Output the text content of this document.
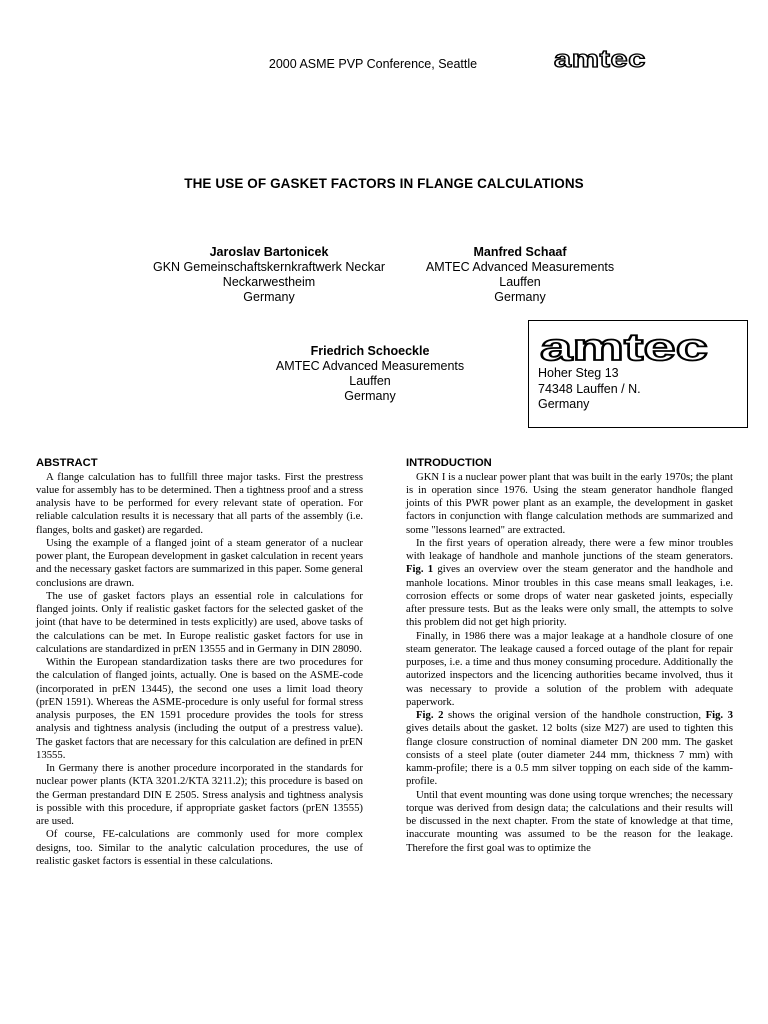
2000 ASME PVP Conference, Seattle	amtec
THE USE OF GASKET FACTORS IN FLANGE CALCULATIONS
Jaroslav Bartonicek
GKN Gemeinschaftskernkraftwerk Neckar
Neckarwestheim
Germany
Manfred Schaaf
AMTEC Advanced Measurements
Lauffen
Germany
Friedrich Schoeckle
AMTEC Advanced Measurements
Lauffen
Germany
amtec
Hoher Steg 13
74348 Lauffen / N.
Germany
ABSTRACT

A flange calculation has to fullfill three major tasks. First the prestress value for assembly has to be determined. Then a tightness proof and a stress analysis have to be performed for every relevant state of operation. For reliable calculation results it is necessary that all parts of the assembly (i.e. flanges, bolts and gasket) are regarded.

Using the example of a flanged joint of a steam generator of a nuclear power plant, the European development in gasket calculation in recent years and the necessary gasket factors are summarized in this paper. Some general conclusions are drawn.

The use of gasket factors plays an essential role in calculations for flanged joints. Only if realistic gasket factors for the selected gasket of the joint (that have to be determined in tests explicitly) are used, above tasks of the calculations can be met. In Europe realistic gasket factors for use in calculations are standardized in prEN 13555 and in Germany in DIN 28090.

Within the European standardization tasks there are two procedures for the calculation of flanged joints, actually. One is based on the ASME-code (incorporated in prEN 13445), the second one uses a limit load theory (prEN 1591). Whereas the ASME-procedure is only useful for formal stress analysis purposes, the EN 1591 procedure provides the tools for stress analysis and tightness analysis (including the output of a prestress value). The gasket factors that are necessary for this calculation are defined in prEN 13555.

In Germany there is another procedure incorporated in the standards for nuclear power plants (KTA 3201.2/KTA 3211.2); this procedure is based on the German prestandard DIN E 2505. Stress analysis and tightness analysis is possible with this procedure, if appropriate gasket factors (prEN 13555) are used.

Of course, FE-calculations are commonly used for more complex designs, too. Similar to the analytic calculation procedures, the use of realistic gasket factors is essential in these calculations.

INTRODUCTION

GKN I is a nuclear power plant that was built in the early 1970s; the plant is in operation since 1976. Using the steam generator handhole flanged joints of this PWR power plant as an example, the development in gasket factors in conjunction with flange calculation methods are summarized and some "lessons learned" are extracted.

In the first years of operation already, there were a few minor troubles with leakage of handhole and manhole junctions of the steam generators. Fig. 1 gives an overview over the steam generator and the handhole and manhole locations. Minor troubles in this case means small leakages, i.e. corrosion effects or some drops of water near gasketed joints, especially after pressure tests. But as the leaks were only small, the attempts to solve this problem did not get high priority.

Finally, in 1986 there was a major leakage at a handhole closure of one steam generator. The leakage caused a forced outage of the plant for repair purposes, i.e. a time and thus money consuming procedure. Additionally the autorized inspectors and the licencing authorities became involved, thus it was necessary to provide a solution of the problem with adequate paperwork.

Fig. 2 shows the original version of the handhole construction, Fig. 3 gives details about the gasket. 12 bolts (size M27) are used to tighten this flange closure construction of nominal diameter DN 200 mm. The gasket consists of a steel plate (outer diameter 244 mm, thickness 7 mm) with kamm-profile; there is a 0.5 mm silver topping on each side of the kamm-profile.

Until that event mounting was done using torque wrenches; the necessary torque was derived from design data; the calculations and their results will be discussed in the next chapter. From the state of knowledge at that time, inaccurate mounting was assumed to be the reason for the leakage. Therefore the first goal was to optimize the
